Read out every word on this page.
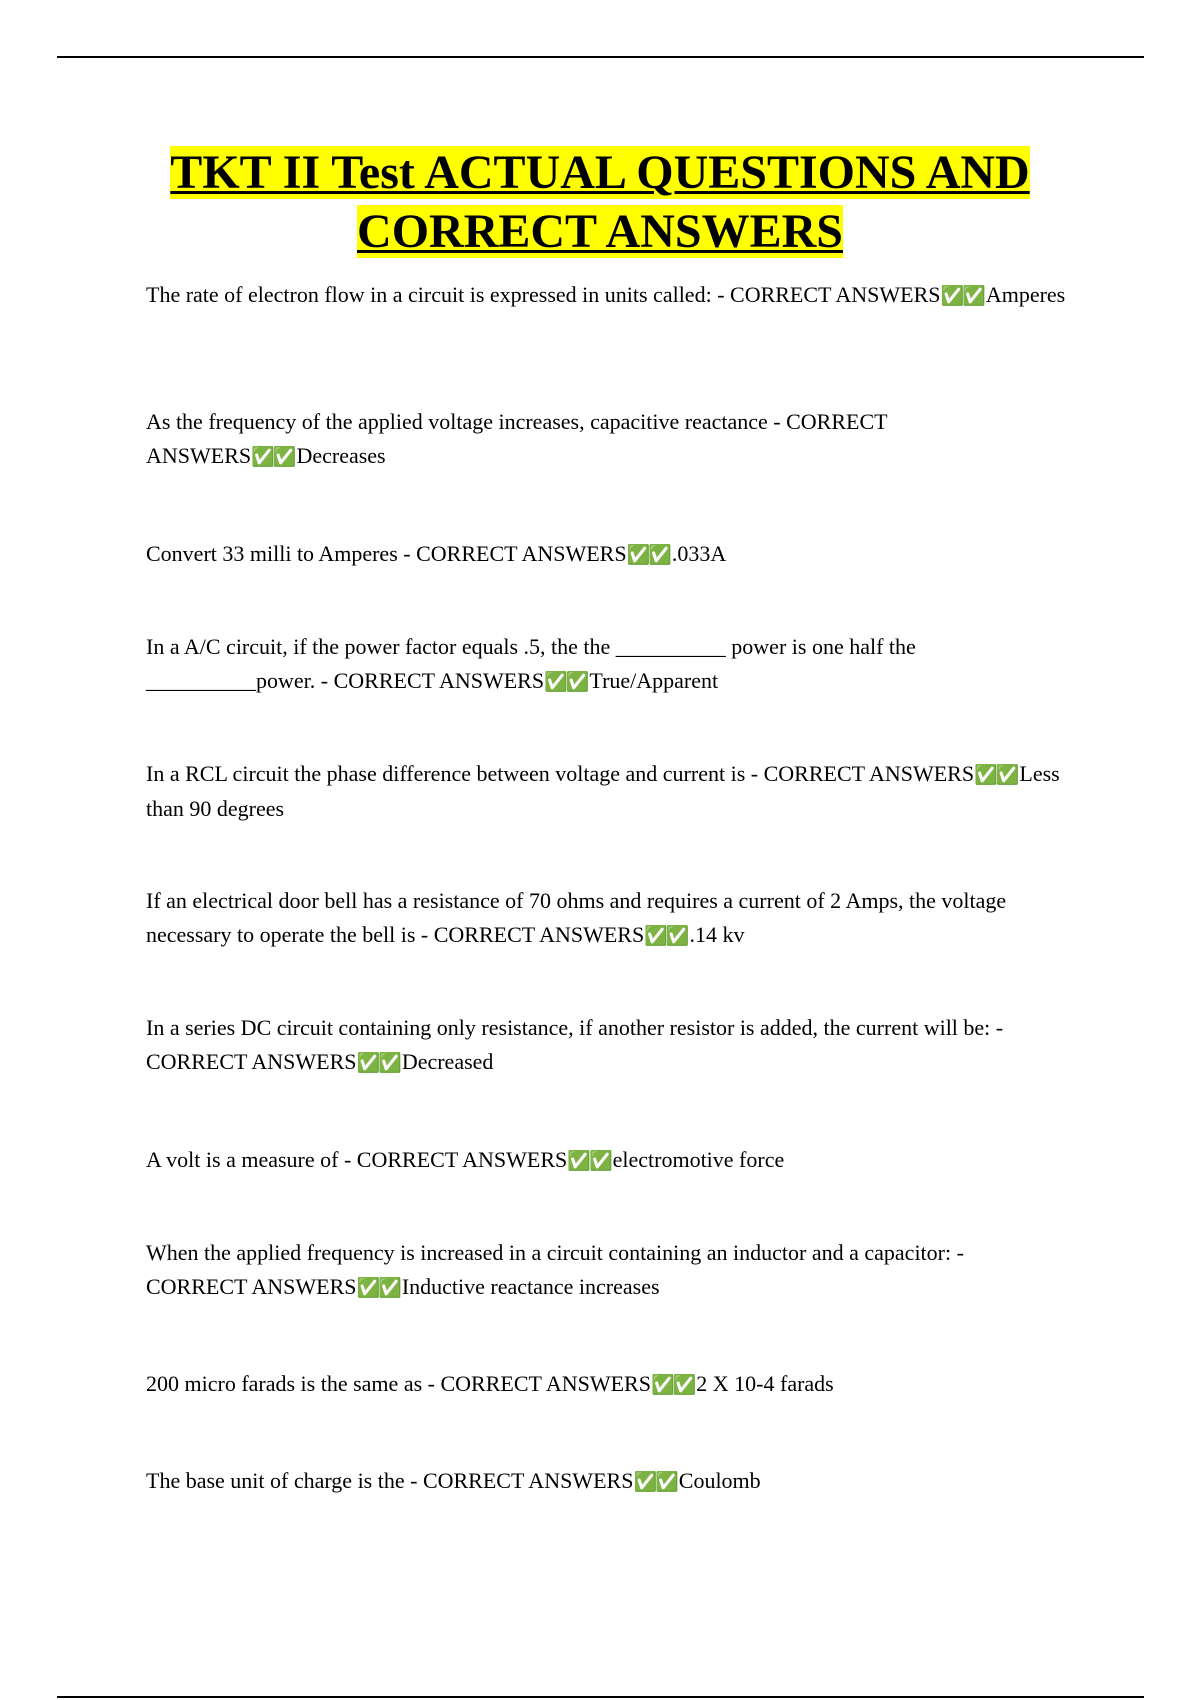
TKT II Test ACTUAL QUESTIONS AND
CORRECT ANSWERS

The rate of electron flow in a circuit is expressed in units called: - CORRECT ANSWERS✅✅Amperes

As the frequency of the applied voltage increases, capacitive reactance - CORRECT ANSWERS✅✅Decreases

Convert 33 milli to Amperes - CORRECT ANSWERS✅✅.033A

In a A/C circuit, if the power factor equals .5, the the __________ power is one half the __________power. - CORRECT ANSWERS✅✅True/Apparent

In a RCL circuit the phase difference between voltage and current is - CORRECT ANSWERS✅✅Less than 90 degrees

If an electrical door bell has a resistance of 70 ohms and requires a current of 2 Amps, the voltage necessary to operate the bell is - CORRECT ANSWERS✅✅.14 kv

In a series DC circuit containing only resistance, if another resistor is added, the current will be: - CORRECT ANSWERS✅✅Decreased

A volt is a measure of - CORRECT ANSWERS✅✅electromotive force

When the applied frequency is increased in a circuit containing an inductor and a capacitor: - CORRECT ANSWERS✅✅Inductive reactance increases

200 micro farads is the same as - CORRECT ANSWERS✅✅2 X 10-4 farads

The base unit of charge is the - CORRECT ANSWERS✅✅Coulomb
